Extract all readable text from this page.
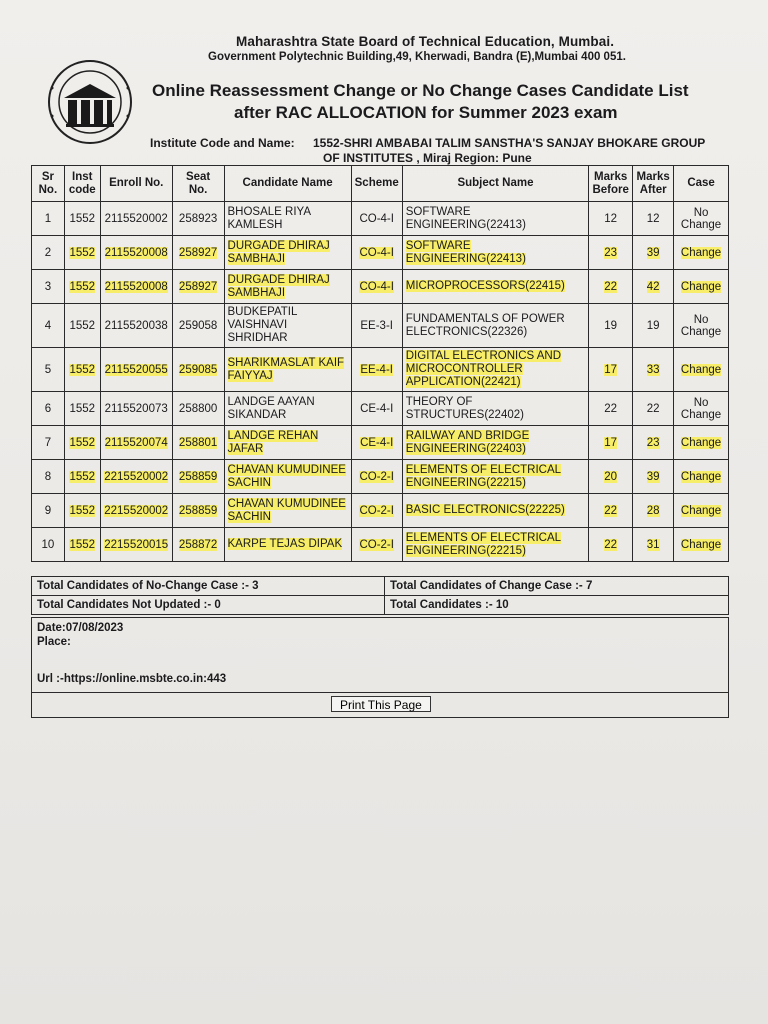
Maharashtra State Board of Technical Education, Mumbai.
Government Polytechnic Building,49, Kherwadi, Bandra (E),Mumbai 400 051.
Online Reassessment Change or No Change Cases Candidate List
after RAC ALLOCATION for Summer 2023 exam
Institute Code and Name: 1552-SHRI AMBABAI TALIM SANSTHA'S SANJAY BHOKARE GROUP
OF INSTITUTES , Miraj Region: Pune
Sr No.	Inst code	Enroll No.	Seat No.	Candidate Name	Scheme	Subject Name	Marks Before	Marks After	Case
1	1552	2115520002	258923	BHOSALE RIYA KAMLESH	CO-4-I	SOFTWARE ENGINEERING(22413)	12	12	No Change
2	1552	2115520008	258927	DURGADE DHIRAJ SAMBHAJI	CO-4-I	SOFTWARE ENGINEERING(22413)	23	39	Change
3	1552	2115520008	258927	DURGADE DHIRAJ SAMBHAJI	CO-4-I	MICROPROCESSORS(22415)	22	42	Change
4	1552	2115520038	259058	BUDKEPATIL VAISHNAVI SHRIDHAR	EE-3-I	FUNDAMENTALS OF POWER ELECTRONICS(22326)	19	19	No Change
5	1552	2115520055	259085	SHARIKMASLAT KAIF FAIYYAJ	EE-4-I	DIGITAL ELECTRONICS AND MICROCONTROLLER APPLICATION(22421)	17	33	Change
6	1552	2115520073	258800	LANDGE AAYAN SIKANDAR	CE-4-I	THEORY OF STRUCTURES(22402)	22	22	No Change
7	1552	2115520074	258801	LANDGE REHAN JAFAR	CE-4-I	RAILWAY AND BRIDGE ENGINEERING(22403)	17	23	Change
8	1552	2215520002	258859	CHAVAN KUMUDINEE SACHIN	CO-2-I	ELEMENTS OF ELECTRICAL ENGINEERING(22215)	20	39	Change
9	1552	2215520002	258859	CHAVAN KUMUDINEE SACHIN	CO-2-I	BASIC ELECTRONICS(22225)	22	28	Change
10	1552	2215520015	258872	KARPE TEJAS DIPAK	CO-2-I	ELEMENTS OF ELECTRICAL ENGINEERING(22215)	22	31	Change
Total Candidates of No-Change Case :- 3	Total Candidates of Change Case :- 7
Total Candidates Not Updated :- 0	Total Candidates :- 10
Date:07/08/2023
Place:
Url :-https://online.msbte.co.in:443
Print This Page
